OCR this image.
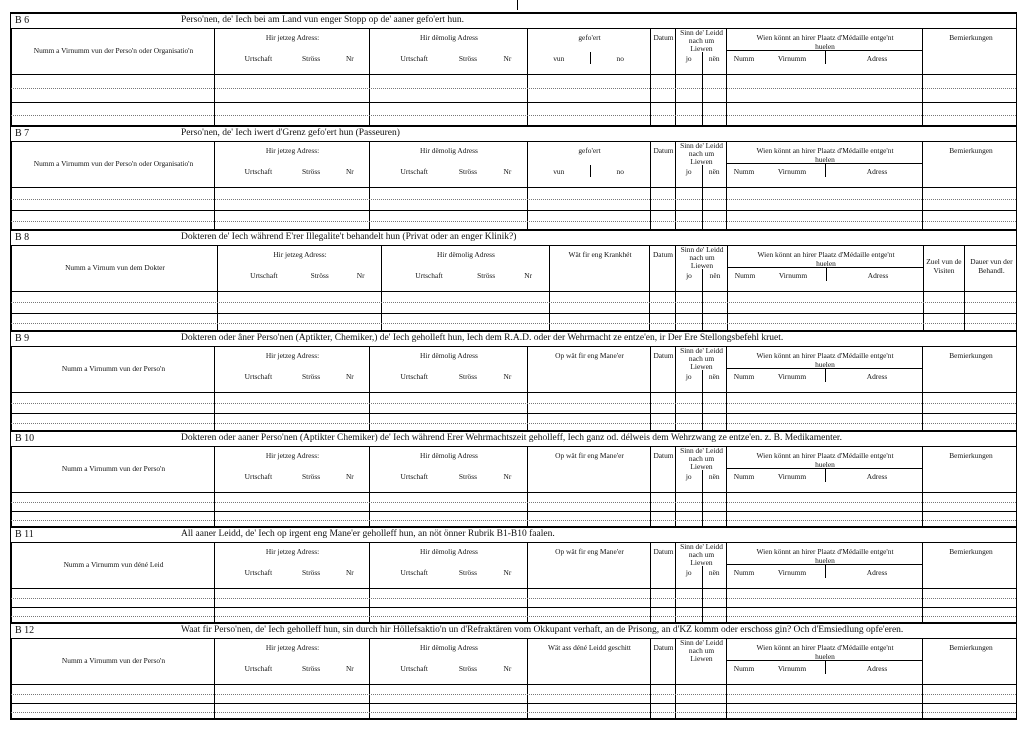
B 6	Perso'nen, de' Iech bei am Land vun enger Stopp op de' aaner gefo'ert hun.
Numm a Virnumm vun der Perso'n oder Organisatio'n
Hir jetzeg Adress:
Urtschaft	Ströss	Nr
Hir dëmolig Adress
Urtschaft	Ströss	Nr
gefo'ert
vun	no
Datum
Sinn de' Leidd nach um Liewen
jo	nën
Wien könnt an hirer Plaatz d'Médaille entge'nt huelen
Numm	Virnumm	Adress
Bemierkungen
B 7	Perso'nen, de' Iech iwert d'Grenz gefo'ert hun (Passeuren)
Numm a Virnumm vun der Perso'n oder Organisatio'n
Hir jetzeg Adress:
Urtschaft	Ströss	Nr
Hir dëmolig Adress
Urtschaft	Ströss	Nr
gefo'ert
vun	no
Datum
Sinn de' Leidd nach um Liewen
jo	nën
Wien könnt an hirer Plaatz d'Médaille entge'nt huelen
Numm	Virnumm	Adress
Bemierkungen
B 8	Dokteren de' Iech während E'rer Illegalite't behandelt hun (Privat oder an enger Klinik?)
Numm a Virnum vun dem Dokter
Hir jetzeg Adress:
Urtschaft	Ströss	Nr
Hir dëmolig Adress
Urtschaft	Ströss	Nr
Wät fir eng Krankhét	Datum
Sinn de' Leidd nach um Liewen
jo	nën
Wien könnt an hirer Plaatz d'Médaille entge'nt huelen
Numm	Virnumm	Adress
Zuel vun de Visiten
Dauer vun der Behandl.
B 9	Dokteren oder âner Perso'nen (Aptikter, Chemiker,) de' Iech geholleft hun, Iech dem R.A.D. oder der Wehrmacht ze entze'en, ir Der Ere Stellongsbefehl kruet.
Numm a Virnumm vun der Perso'n
Hir jetzeg Adress:
Urtschaft	Ströss	Nr
Hir dëmolig Adress
Urtschaft	Ströss	Nr
Op wät fir eng Mane'er	Datum
Sinn de' Leidd nach um Liewen
jo	nën
Wien könnt an hirer Plaatz d'Médaille entge'nt huelen
Numm	Virnumm	Adress
Bemierkungen
B 10	Dokteren oder aaner Perso'nen (Aptikter Chemiker) de' Iech während Erer Wehrmachtszeit geholleff, Iech ganz od. délweis dem Wehrzwang ze entze'en. z. B. Medikamenter.
Numm a Virnumm vun der Perso'n
Hir jetzeg Adress:
Urtschaft	Ströss	Nr
Hir dëmolig Adress
Urtschaft	Ströss	Nr
Op wät fir eng Mane'er	Datum
Sinn de' Leidd nach um Liewen
jo	nën
Wien könnt an hirer Plaatz d'Médaille entge'nt huelen
Numm	Virnumm	Adress
Bemierkungen
B 11	All aaner Leidd, de' Iech op irgent eng Mane'er geholleff hun, an nöt önner Rubrik B1-B10 faalen.
Numm a Virnumm vun déné Leid
Hir jetzeg Adress:
Urtschaft	Ströss	Nr
Hir dëmolig Adress
Urtschaft	Ströss	Nr
Op wät fir eng Mane'er	Datum
Sinn de' Leidd nach um Liewen
jo	nën
Wien könnt an hirer Plaatz d'Médaille entge'nt huelen
Numm	Virnumm	Adress
Bemierkungen
B 12	Waat fir Perso'nen, de' Iech geholleff hun, sin durch hir Höllefsaktio'n un d'Refraktären vom Okkupant verhaft, an de Prisong, an d'KZ komm oder erschoss gin? Och d'Emsiedlung opfe'eren.
Numm a Virnumm vun der Perso'n
Hir jetzeg Adress:
Urtschaft	Ströss	Nr
Hir dëmolig Adress
Urtschaft	Ströss	Nr
Wät ass déné Leidd geschitt	Datum
Sinn de' Leidd nach um Liewen
Wien könnt an hirer Plaatz d'Médaille entge'nt huelen
Numm	Virnumm	Adress
Bemierkungen
